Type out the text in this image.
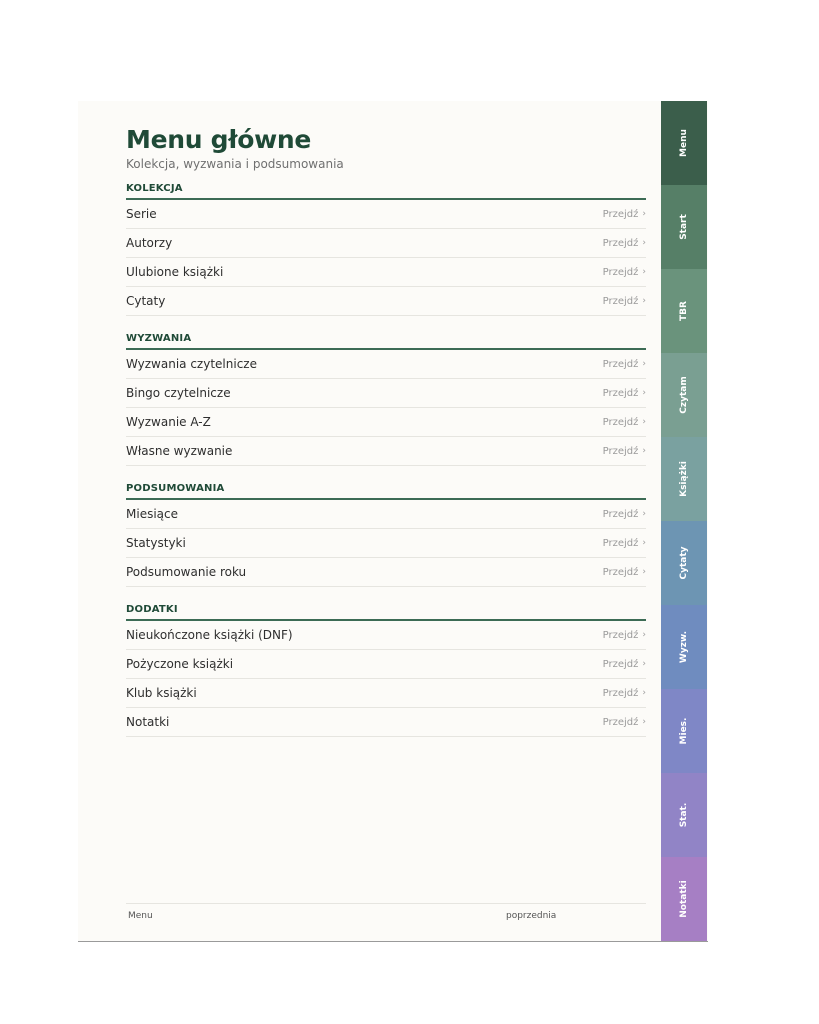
Menu główne
Kolekcja, wyzwania i podsumowania
KOLEKCJA
Serie	Przejdź ›
Autorzy	Przejdź ›
Ulubione książki	Przejdź ›
Cytaty	Przejdź ›
WYZWANIA
Wyzwania czytelnicze	Przejdź ›
Bingo czytelnicze	Przejdź ›
Wyzwanie A-Z	Przejdź ›
Własne wyzwanie	Przejdź ›
PODSUMOWANIA
Miesiące	Przejdź ›
Statystyki	Przejdź ›
Podsumowanie roku	Przejdź ›
DODATKI
Nieukończone książki (DNF)	Przejdź ›
Pożyczone książki	Przejdź ›
Klub książki	Przejdź ›
Notatki	Przejdź ›
Menu	poprzednia
Menu
Start
TBR
Czytam
Książki
Cytaty
Wyzw.
Mies.
Stat.
Notatki
